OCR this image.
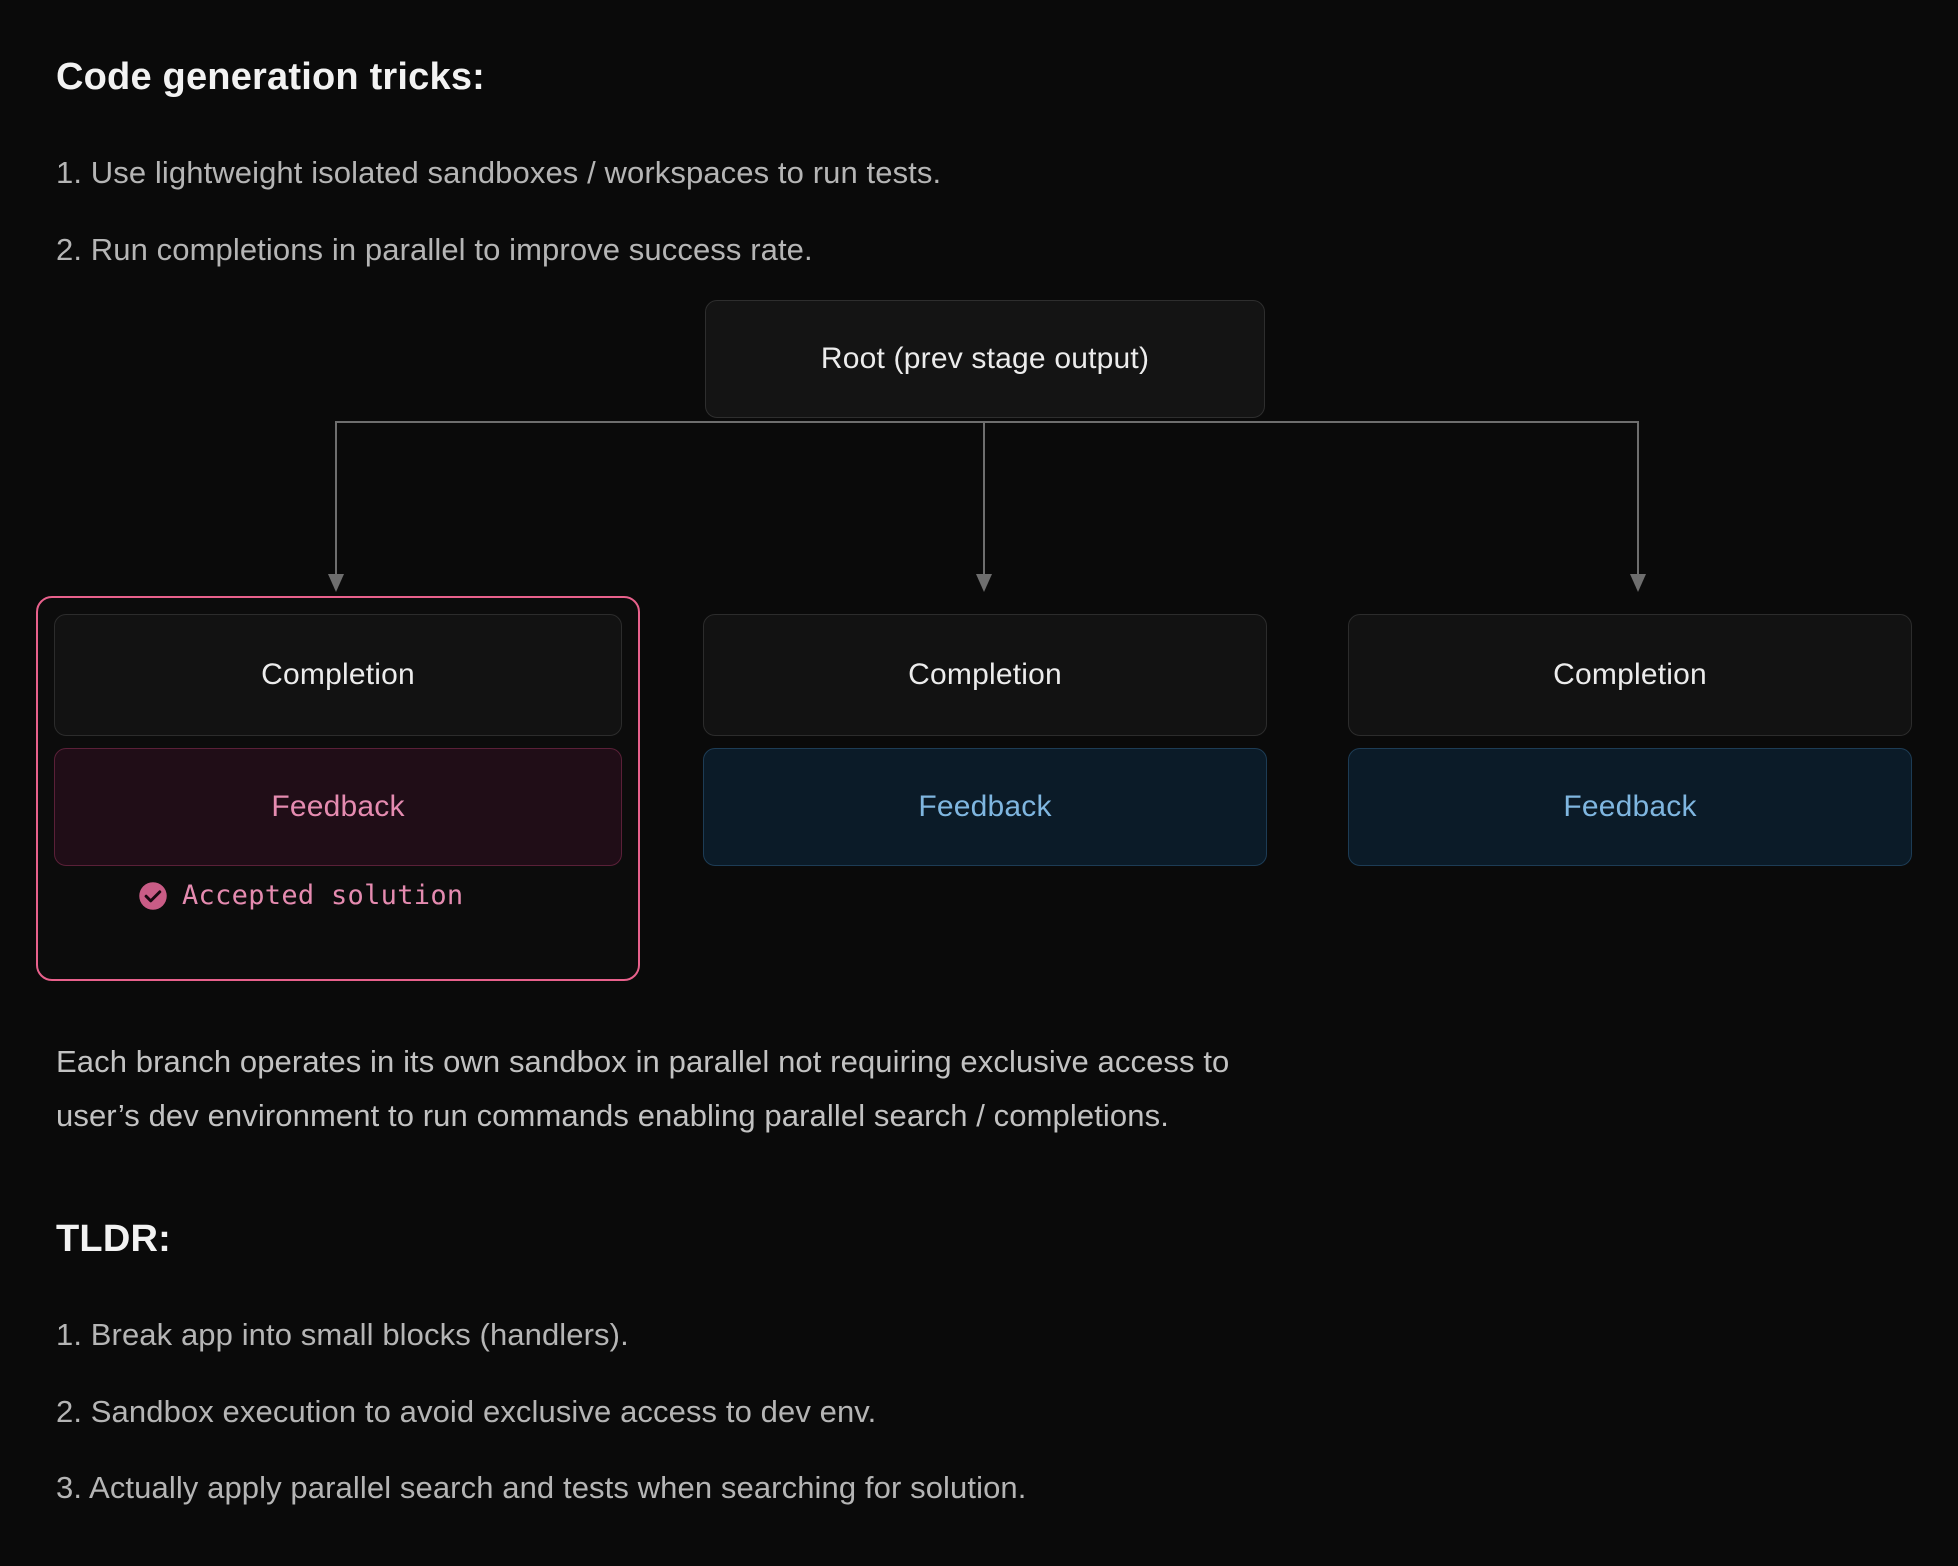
Code generation tricks:
1. Use lightweight isolated sandboxes / workspaces to run tests.
2. Run completions in parallel to improve success rate.
Root (prev stage output)
Completion
Feedback
Accepted solution
Completion
Feedback
Completion
Feedback
Each branch operates in its own sandbox in parallel not requiring exclusive access to
user’s dev environment to run commands enabling parallel search / completions.
TLDR:
1. Break app into small blocks (handlers).
2. Sandbox execution to avoid exclusive access to dev env.
3. Actually apply parallel search and tests when searching for solution.
